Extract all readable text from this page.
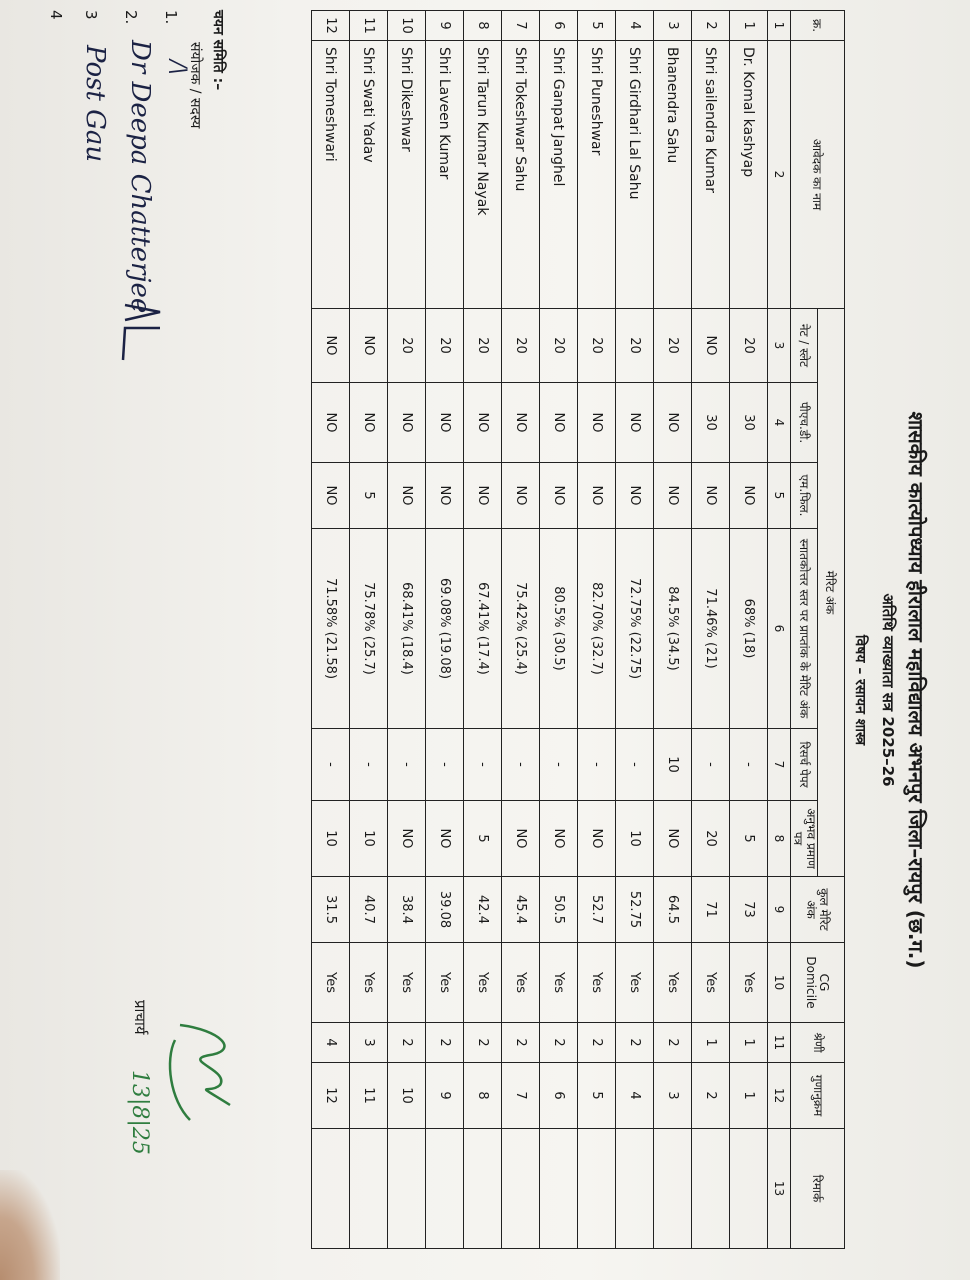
शासकीय कात्योपध्याय हीरालाल महाविद्यालय अभनपुर जिला–रायपुर (छ.ग.)
अतिथि व्याख्याता सत्र 2025–26
विषय – रसायन शास्त्र
क्र.	आवेदक का नाम	मेरिट अंक						कुल मेरिट अंक	CG Domicile	श्रेणी	गुणानुक्रम	रिमार्क
		नेट / स्लेट	पीएच.डी.	एम.फिल.	स्नातकोत्तर स्तर पर प्राप्तांक के मेरिट अंक	रिसर्च पेपर	अनुभव प्रमाण पत्र					
1	2	3	4	5	6	7	8	9	10	11	12	13
1	Dr. Komal kashyap	20	30	NO	68% (18)	-	5	73	Yes	1	1	
2	Shri sailendra Kumar	NO	30	NO	71.46% (21)	-	20	71	Yes	1	2	
3	Bhanendra Sahu	20	NO	NO	84.5% (34.5)	10	NO	64.5	Yes	2	3	
4	Shri Girdhari Lal Sahu	20	NO	NO	72.75% (22.75)	-	10	52.75	Yes	2	4	
5	Shri Puneshwar	20	NO	NO	82.70% (32.7)	-	NO	52.7	Yes	2	5	
6	Shri Ganpat Janghel	20	NO	NO	80.5% (30.5)	-	NO	50.5	Yes	2	6	
7	Shri Tokeshwar Sahu	20	NO	NO	75.42% (25.4)	-	NO	45.4	Yes	2	7	
8	Shri Tarun Kumar Nayak	20	NO	NO	67.41% (17.4)	-	5	42.4	Yes	2	8	
9	Shri Laveen Kumar	20	NO	NO	69.08% (19.08)	-	NO	39.08	Yes	2	9	
10	Shri Dikeshwar	20	NO	NO	68.41% (18.4)	-	NO	38.4	Yes	2	10	
11	Shri Swati Yadav	NO	NO	5	75.78% (25.7)	-	10	40.7	Yes	3	11	
12	Shri Tomeshwari	NO	NO	NO	71.58% (21.58)	-	10	31.5	Yes	4	12	
चयन समिति :–
संयोजक / सदस्य
1.
/\
2.
Dr Deepa Chatterjee
3
Post Gau
4
प्राचार्य
13|8|25
